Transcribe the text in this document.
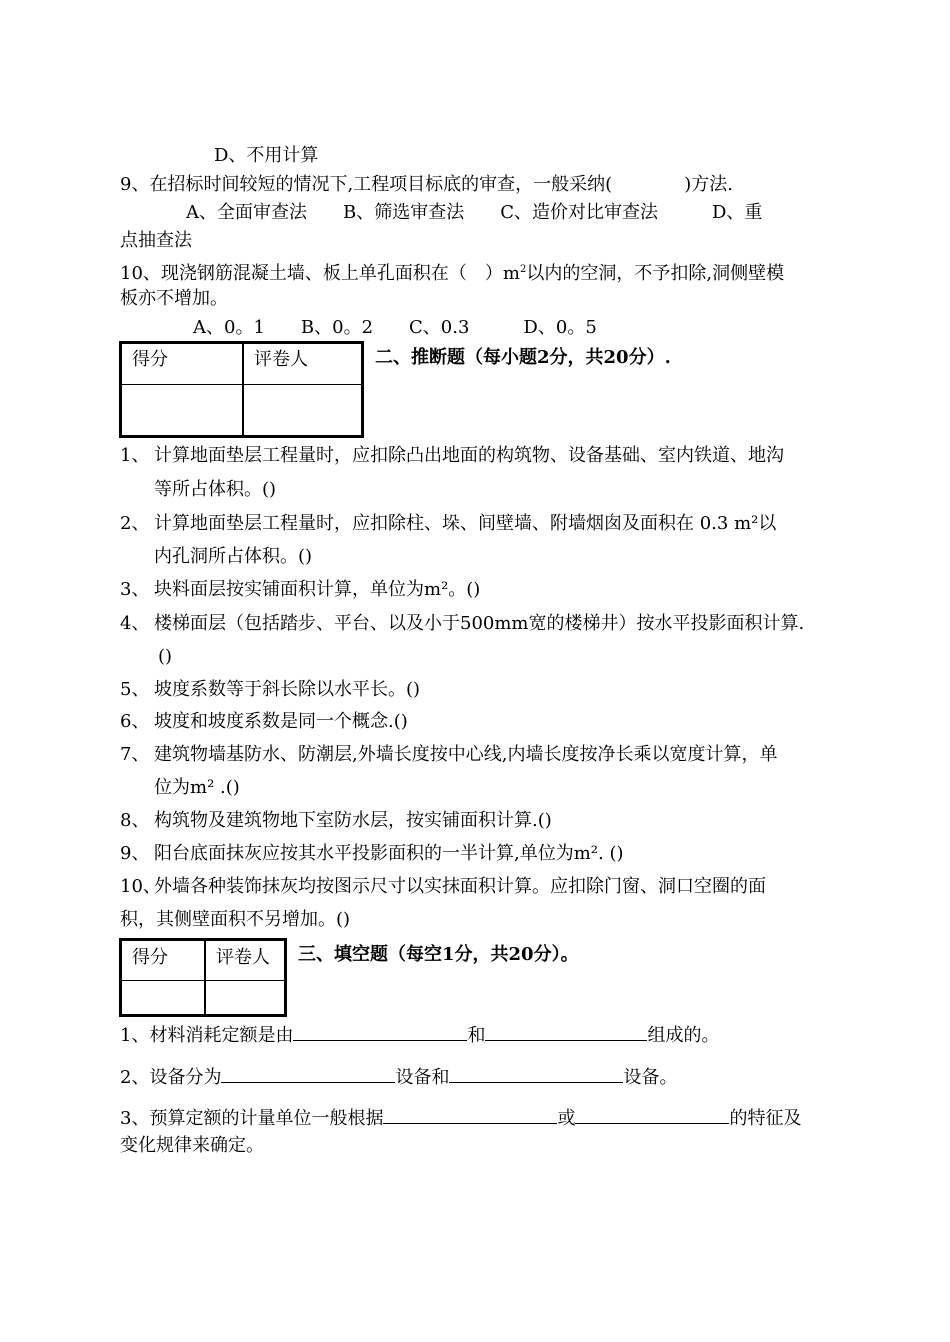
D、不用计算
9、在招标时间较短的情况下,工程项目标底的审查，一般采纳(　　　　)方法.
A、全面审查法　　B、筛选审查法　　C、造价对比审查法　　　D、重
点抽查法
10、现浇钢筋混凝土墙、板上单孔面积在（　）$m^2$以内的空洞，不予扣除,洞侧壁模
板亦不增加。
A、0。1　　B、0。2　　C、0.3　　　D、0。5
得分	评卷人	二、推断题（每小题2分，共20分）.
1、 计算地面垫层工程量时，应扣除凸出地面的构筑物、设备基础、室内铁道、地沟
等所占体积。()
2、 计算地面垫层工程量时，应扣除柱、垛、间壁墙、附墙烟囱及面积在 0.3 m²以
内孔洞所占体积。()
3、 块料面层按实铺面积计算，单位为m²。()
4、 楼梯面层（包括踏步、平台、以及小于500mm宽的楼梯井）按水平投影面积计算.
()
5、 坡度系数等于斜长除以水平长。()
6、 坡度和坡度系数是同一个概念.()
7、 建筑物墙基防水、防潮层,外墙长度按中心线,内墙长度按净长乘以宽度计算，单
位为m² .()
8、 构筑物及建筑物地下室防水层，按实铺面积计算.()
9、 阳台底面抹灰应按其水平投影面积的一半计算,单位为m². ()
10、
外墙各种装饰抹灰均按图示尺寸以实抹面积计算。应扣除门窗、洞口空圈的面
积，其侧壁面积不另增加。()
得分	评卷人 三、填空题（每空1分，共20分）。
1、材料消耗定额是由	和	组成的。
2、设备分为	设备和	设备。
3、预算定额的计量单位一般根据	或	的特征及
变化规律来确定。
